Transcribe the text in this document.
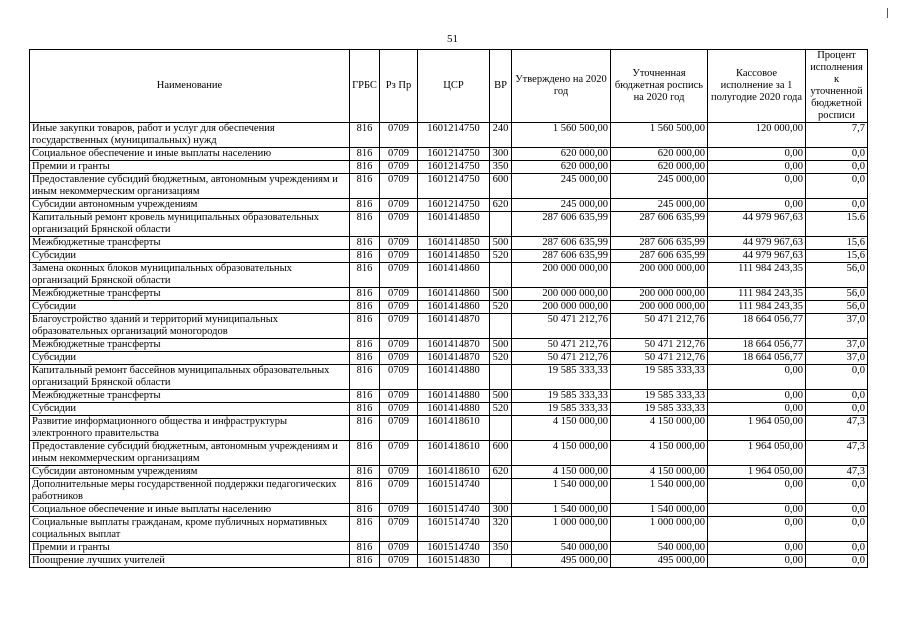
51
Наименование	ГРБС	Рз Пр	ЦСР	ВР	Утверждено на 2020 год	Уточненная бюджетная роспись на 2020 год	Кассовое исполнение за 1 полугодие 2020 года	Процент исполнения к уточненной бюджетной росписи
Иные закупки товаров, работ и услуг для обеспечения государственных (муниципальных) нужд	816	0709	1601214750	240	1 560 500,00	1 560 500,00	120 000,00	7,7
Социальное обеспечение и иные выплаты населению	816	0709	1601214750	300	620 000,00	620 000,00	0,00	0,0
Премии и гранты	816	0709	1601214750	350	620 000,00	620 000,00	0,00	0,0
Предоставление субсидий бюджетным, автономным учреждениям и иным некоммерческим организациям	816	0709	1601214750	600	245 000,00	245 000,00	0,00	0,0
Субсидии автономным учреждениям	816	0709	1601214750	620	245 000,00	245 000,00	0,00	0,0
Капитальный ремонт кровель муниципальных образовательных организаций Брянской области	816	0709	1601414850		287 606 635,99	287 606 635,99	44 979 967,63	15.6
Межбюджетные трансферты	816	0709	1601414850	500	287 606 635,99	287 606 635,99	44 979 967,63	15,6
Субсидии	816	0709	1601414850	520	287 606 635,99	287 606 635,99	44 979 967,63	15,6
Замена оконных блоков муниципальных образовательных организаций Брянской области	816	0709	1601414860		200 000 000,00	200 000 000,00	111 984 243,35	56,0
Межбюджетные трансферты	816	0709	1601414860	500	200 000 000,00	200 000 000,00	111 984 243,35	56,0
Субсидии	816	0709	1601414860	520	200 000 000,00	200 000 000,00	111 984 243,35	56,0
Благоустройство зданий и территорий муниципальных образовательных организаций моногородов	816	0709	1601414870		50 471 212,76	50 471 212,76	18 664 056,77	37,0
Межбюджетные трансферты	816	0709	1601414870	500	50 471 212,76	50 471 212,76	18 664 056,77	37,0
Субсидии	816	0709	1601414870	520	50 471 212,76	50 471 212,76	18 664 056,77	37,0
Капитальный ремонт бассейнов муниципальных образовательных организаций Брянской области	816	0709	1601414880		19 585 333,33	19 585 333,33	0,00	0,0
Межбюджетные трансферты	816	0709	1601414880	500	19 585 333,33	19 585 333,33	0,00	0,0
Субсидии	816	0709	1601414880	520	19 585 333,33	19 585 333,33	0,00	0,0
Развитие информационного общества и инфраструктуры электронного правительства	816	0709	1601418610		4 150 000,00	4 150 000,00	1 964 050,00	47,3
Предоставление субсидий бюджетным, автономным учреждениям и иным некоммерческим организациям	816	0709	1601418610	600	4 150 000,00	4 150 000,00	1 964 050,00	47,3
Субсидии автономным учреждениям	816	0709	1601418610	620	4 150 000,00	4 150 000,00	1 964 050,00	47,3
Дополнительные меры государственной поддержки педагогических работников	816	0709	1601514740		1 540 000,00	1 540 000,00	0,00	0,0
Социальное обеспечение и иные выплаты населению	816	0709	1601514740	300	1 540 000,00	1 540 000,00	0,00	0,0
Социальные выплаты гражданам, кроме публичных нормативных социальных выплат	816	0709	1601514740	320	1 000 000,00	1 000 000,00	0,00	0,0
Премии и гранты	816	0709	1601514740	350	540 000,00	540 000,00	0,00	0,0
Поощрение лучших учителей	816	0709	1601514830		495 000,00	495 000,00	0,00	0,0
